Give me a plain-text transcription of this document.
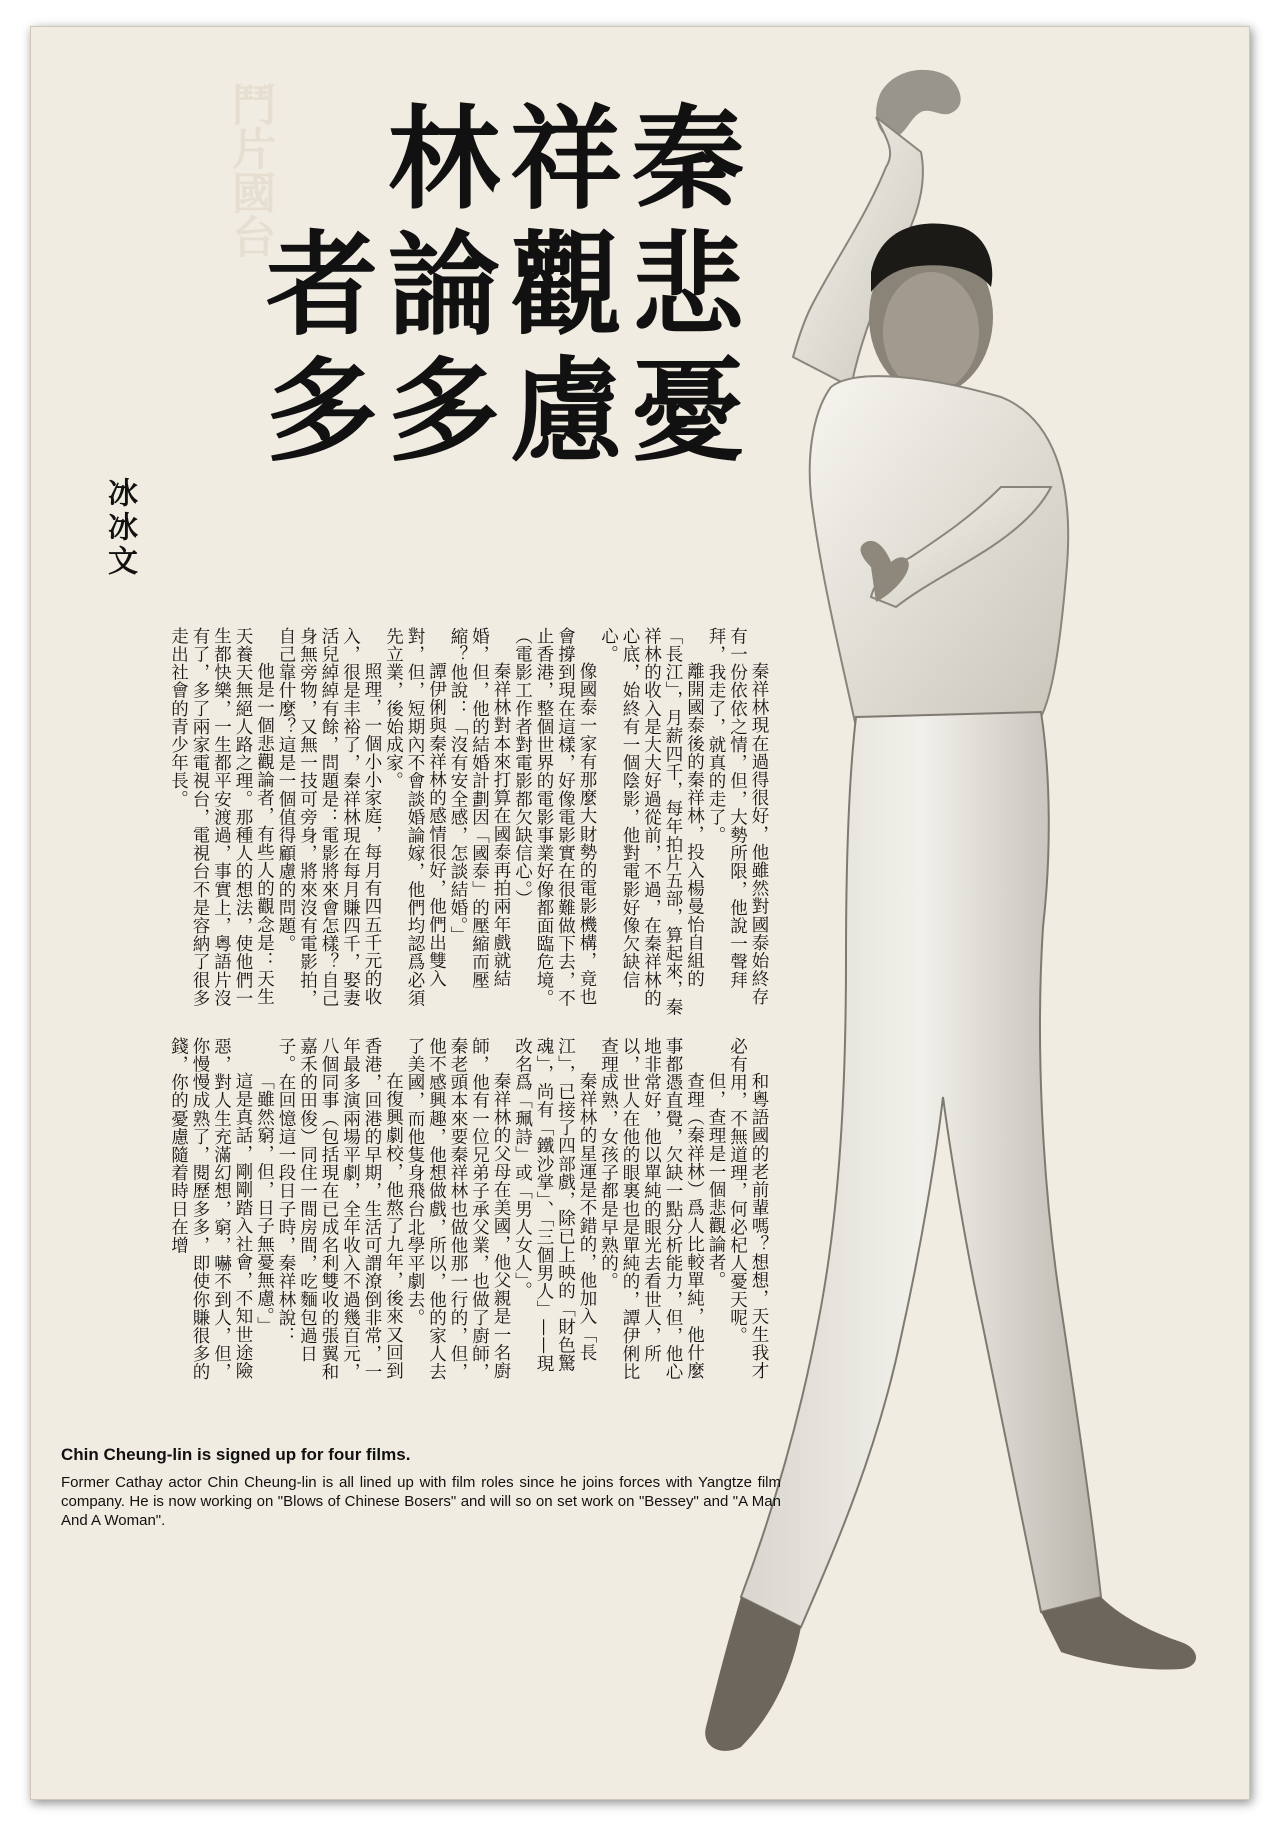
鬥片國台 林祥秦
者論觀悲
多多慮憂
冰冰文

秦祥林現在過得很好，他雖然對國泰始終存有一份依依之情，但，大勢所限，他說一聲拜拜，我走了，就真的走了。

離開國泰後的秦祥林，投入楊曼怡自組的「長江」，月薪四千，每年拍片五部，算起來，秦祥林的收入是大大好過從前，不過，在秦祥林的心底，始終有一個陰影，他對電影好像欠缺信心。

像國泰一家有那麼大財勢的電影機構，竟也會撐到現在這樣，好像電影實在很難做下去，不止香港，整個世界的電影事業好像都面臨危境。（電影工作者對電影都欠缺信心。）

秦祥林對本來打算在國泰再拍兩年戲就結婚，但，他的結婚計劃因「國泰」的壓縮而壓縮？他說：「沒有安全感，怎談結婚。」

譚伊俐與秦祥林的感情很好，他們出雙入對，但，短期內不會談婚論嫁，他們均認爲必須先立業，後始成家。

照理，一個小小家庭，每月有四五千元的收入，很是丰裕了，秦祥林現在每月賺四千，娶妻活兒綽綽有餘，問題是：電影將來會怎樣？自己身無旁物，又無一技可旁身，將來沒有電影拍，自己靠什麼？這是一個值得顧慮的問題。

他是一個悲觀論者，有些人的觀念是：天生天養天無絕人路之理。那種人的想法，使他們一生都快樂，一生都平安渡過，事實上，粵語片沒有了，多了兩家電視台，電視台不是容納了很多走出社會的青少年長。

和粵語國的老前輩嗎？想想，天生我才必有用，不無道理，何必杞人憂天呢。

但，查理是一個悲觀論者。

查理（秦祥林）爲人比較單純，他什麼事都憑直覺，欠缺一點分析能力，但，他心地非常好，他以單純的眼光去看世人，所以，世人在他的眼裏也是單純的，譚伊俐比查理成熟，女孩子都是早熟的。

秦祥林的星運是不錯的，他加入「長江」，已接了四部戲，除已上映的「財色驚魂」，尚有「鐵沙掌」、「三個男人」——現改名爲「珮詩」或「男人女人」。

秦祥林的父母在美國，他父親是一名廚師，他有一位兄弟子承父業，也做了廚師，秦老頭本來要秦祥林也做他那一行的，但，他不感興趣，他想做戲，所以，他的家人去了美國，而他隻身飛台北學平劇去。

在復興劇校，他熬了九年，後來又回到香港，回港的早期，生活可謂潦倒非常，一年最多演兩場平劇，全年收入不過幾百元，八個同事（包括現在已成名利雙收的張翼和嘉禾的田俊）同住一間房間，吃麵包過日子。在回憶這一段日子時，秦祥林說：

「雖然窮，但，日子無憂無慮。」

這是真話，剛剛踏入社會，不知世途險惡，對人生充滿幻想，窮，嚇不到人，但，你慢慢成熟了，閱歷多多，即使你賺很多的錢，你的憂慮隨着時日在增

Chin Cheung-lin is signed up for four films.
Former Cathay actor Chin Cheung-lin is all lined up with film roles since he joins forces with Yangtze film company. He is now working on "Blows of Chinese Bosers" and will so on set work on "Bessey" and "A Man And A Woman".
